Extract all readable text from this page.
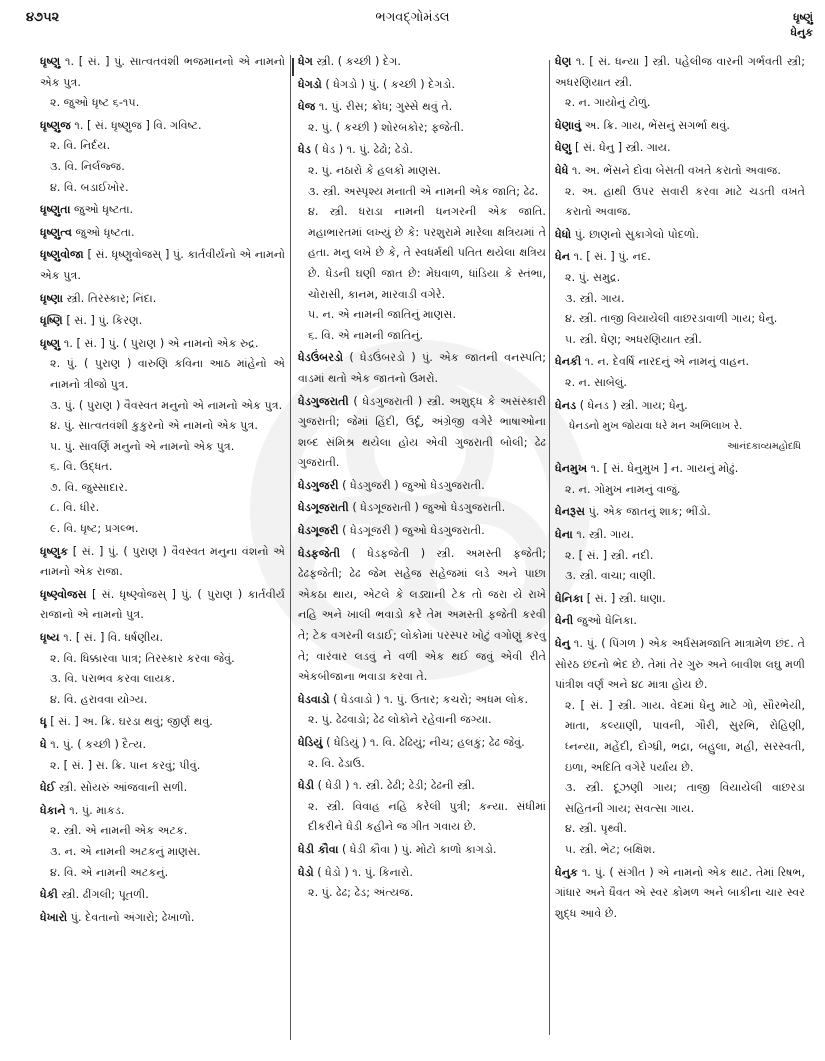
૪૭૫૨	ભગવદ્ગોમંડલ	ધૃષ્ણું
ધેનુક
ધૃષ્ણુ ૧. [ સં. ] પું. સાત્વતવંશી ભજમાનનો એ નામનો એક પુત્ર.
૨. જુઓ ધૃષ્ટ ૬-૧૫.
ધૃષ્ણુજ ૧. [ સં. ધૃષ્ણુજ ] વિ. ગવિષ્ટ.
૨. વિ. નિર્દય.
૩. વિ. નિર્લજ્જ.
૪. વિ. બડાઈખોર.
ધૃષ્ણુતા જુઓ ધૃષ્ટતા.
ધૃષ્ણુત્વ જુઓ ધૃષ્ટતા.
ધૃષ્ણુવોજા [ સં. ધૃષ્ણુવોજસ્ ] પું. કાર્તવીર્યનો એ નામનો એક પુત્ર.
ધૃષ્ણા સ્ત્રી. તિરસ્કાર; નિંદા.
ધૃષ્ણિ [ સં. ] પું. કિરણ.
ધૃષ્ણુ ૧. [ સં. ] પું. ( પુરાણ ) એ નામનો એક રુદ્ર.
૨. પું. ( પુરાણ ) વારુણિ કવિના આઠ માંહેનો એ નામનો ત્રીજો પુત્ર.
૩. પું. ( પુરાણ ) વૈવસ્વત મનુનો એ નામનો એક પુત્ર.
૪. પું. સાત્વતવંશી કુકુરનો એ નામનો એક પુત્ર.
૫. પું. સાવર્ણિ મનુનો એ નામનો એક પુત્ર.
૬. વિ. ઉદ્ધત.
૭. વિ. જુસ્સાદાર.
૮. વિ. ધીર.
૯. વિ. ધૃષ્ટ; પ્રગલ્ભ.
ધૃષ્ણુક [ સં. ] પું. ( પુરાણ ) વૈવસ્વત મનુના વંશનો એ નામનો એક રાજા.
ધૃષ્ણ્વોજસ [ સં. ધૃષ્ણ્વોજસ્ ] પું. ( પુરાણ ) કાર્તવીર્ય રાજાનો એ નામનો પુત્ર.
ધૃષ્ય ૧. [ સં. ] વિ. ધર્ષણીય.
૨. વિ. ધિક્કારવા પાત્ર; તિરસ્કાર કરવા જેવું.
૩. વિ. પરાભવ કરવા લાયક.
૪. વિ. હરાવવા યોગ્ય.
ધૄ [ સં. ] અ. ક્રિ. ઘરડા થવું; જીર્ણ થવું.
ધે ૧. પું. ( કચ્છી ) દૈત્ય.
૨. [ સં. ] સ. ક્રિ. પાન કરવું; પીવું.
ધેઈ સ્ત્રી. સોયરું આંજવાની સળી.
ધેકાને ૧. પું. માકડ.
૨. સ્ત્રી. એ નામની એક અટક.
૩. ન. એ નામની અટકનું માણસ.
૪. વિ. એ નામની અટકનું.
ધેકી સ્ત્રી. ઢીંગલી; પૂતળી.
ધેખારો પું. દેવતાનો અંગારો; ઢેખાળો.
ધેગ સ્ત્રી. ( કચ્છી ) દેગ.
ધેગડો ( ધેગડો ) પું. ( કચ્છી ) દેગડો.
ધેજ ૧. પું. રીસ; ક્રોધ; ગુસ્સે થવું તે.
૨. પું. ( કચ્છી ) શોરબકોર; ફજેતી.
ધેડ ( ધેડ ) ૧. પું. ઢેઢો; ઢેડો.
૨. પું. નઠારો કે હલકો માણસ.
૩. સ્ત્રી. અસ્પૃશ્ય મનાતી એ નામની એક જાતિ; ઢેઢ.
૪. સ્ત્રી. ધરાડા નામની ધનગરની એક જાતિ. મહાભારતમાં લખ્યું છે કે: પરશુરામે મારેલા ક્ષત્રિયમાં તે હતા. મનુ લખે છે કે, તે સ્વધર્મથી પતિત થયેલા ક્ષત્રિય છે. ધેડની ઘણી જાત છે: મેઘવાળ, ધાંડિયા કે સ્તંભા, ચોરાસી, કાનમ, મારવાડી વગેરે.
૫. ન. એ નામની જાતિનું માણસ.
૬. વિ. એ નામની જાતિનું.
ધેડઉંબરડો ( ધેડઉંબરડો ) પું. એક જાતની વનસ્પતિ; વાડમાં થતો એક જાતનો ઉમરો.
ધેડગુજરાતી ( ધેડગુજરાતી ) સ્ત્રી. અશુદ્ધ કે અસંસ્કારી ગુજરાતી; જેમાં હિંદી, ઉર્દૂ, અંગ્રેજી વગેરે ભાષાઓના શબ્દ સંમિશ્ર થયેલા હોય એવી ગુજરાતી બોલી; ઢેઢ ગુજરાતી.
ધેડગુજરી ( ધેડગુજરી ) જુઓ ધેડગુજરાતી.
ધેડગૂજરાતી ( ધેડગૂજરાતી ) જુઓ ધેડગુજરાતી.
ધેડગૂજરી ( ધેડગૂજરી ) જુઓ ધેડગુજરાતી.
ધેડફજેતી ( ધેડફજેતી ) સ્ત્રી. અમસ્તી ફજેતી; ઢેઢફજેતી; ઢેઢ જેમ સહેજ સહેજમાં લડે અને પાછા એકઠા થાય, એટલે કે લડ્યાની ટેક તો જરા યે રાખે નહિ અને ખાલી ભવાડો કરે તેમ અમસ્તી ફજેતી કરવી તે; ટેક વગરની લડાઈ; લોકોમાં પરસ્પર ખોટું વગોણું કરવું તે; વારંવાર લડવું ને વળી એક થઈ જવું એવી રીતે એકબીજાના ભવાડા કરવા તે.
ધેડવાડો ( ધેડવાડો ) ૧. પું. ઉતાર; કચરો; અધમ લોક.
૨. પું. ઢેઢવાડો; ઢેઢ લોકોને રહેવાની જગ્યા.
ધેડિયું ( ધેડિયું ) ૧. વિ. ઢેઢિયું; નીચ; હલકું; ઢેઢ જેવું.
૨. વિ. ઢેડાઉ.
ધેડી ( ધેડી ) ૧. સ્ત્રી. ઢેઢી; ઢેડી; ઢેઢની સ્ત્રી.
૨. સ્ત્રી. વિવાહ નહિ કરેલી પુત્રી; કન્યા. સંધીમાં દીકરીને ધેડી કહીને જ ગીત ગવાય છે.
ધેડી કૌવા ( ધેડી કૌવા ) પું. મોટો કાળો કાગડો.
ધેડો ( ધેડો ) ૧. પું. કિનારો.
૨. પું. ઢેઢ; ઢેડ; અંત્યજ.
ધેણ ૧. [ સં. ધન્યા ] સ્ત્રી. પહેલીજ વારની ગર્ભવતી સ્ત્રી; અધરણિયાત સ્ત્રી.
૨. ન. ગાયોનું ટોળું.
ધેણાવું અ. ક્રિ. ગાય, ભેંસનું સગર્ભા થવું.
ધેણુ [ સં. ધેનુ ] સ્ત્રી. ગાય.
ધેધે ૧. અ. ભેંસને દોવા બેસતી વખતે કરાતો અવાજ.
૨. અ. હાથી ઉપર સવારી કરવા માટે ચડતી વખતે કરાતો અવાજ.
ધેધો પું. છાણનો સુકાગેલો પોદળો.
ધેન ૧. [ સં. ] પું. નદ.
૨. પું. સમુદ્ર.
૩. સ્ત્રી. ગાય.
૪. સ્ત્રી. તાજી વિયાયેલી વાછરડાવાળી ગાય; ધેનુ.
૫. સ્ત્રી. ધેણ; અધરણિયાત સ્ત્રી.
ધેનકી ૧. ન. દેવર્ષિ નારદનું એ નામનું વાહન.
૨. ન. સાબેલું.
ધેનડ ( ધેનડ ) સ્ત્રી. ગાય; ધેનુ.
ધેનડનો મુખ જોયવા ધરે મન અભિલાખ રે.
આનંદકાવ્યમહોદધિ
ધેનમુખ ૧. [ સં. ધેનુમુખ ] ન. ગાયનું મોઢું.
૨. ન. ગોમુખ નામનું વાજું.
ધેનરૂસ પું. એક જાતનું શાક; ભીંડો.
ધેના ૧. સ્ત્રી. ગાય.
૨. [ સં. ] સ્ત્રી. નદી.
૩. સ્ત્રી. વાચા; વાણી.
ધેનિકા [ સં. ] સ્ત્રી. ધાણા.
ધેની જુઓ ધેનિકા.
ધેનુ ૧. પું. ( પિંગળ ) એક અર્ધસમજાતિ માત્રામેળ છંદ. તે સોરઠ છંદનો ભેદ છે. તેમાં તેર ગુરુ અને બાવીશ લઘુ મળી પાંત્રીશ વર્ણ અને ૪૮ માત્રા હોય છે.
૨. [ સં. ] સ્ત્રી. ગાય. વેદમાં ધેનુ માટે ગો, સૌરભેયી, માતા, કલ્યાણી, પાવની, ગૌરી, સુરભિ, રોહિણી, ધ્નન્યા, મહેંદી, દોગ્ધ્રી, ભદ્રા, બહુલા, મહી, સરસ્વતી, ઇળા, અદિતિ વગેરે પર્યાય છે.
૩. સ્ત્રી. દૂઝણી ગાય; તાજી વિયાયેલી વાછરડા સહિતની ગાય; સવત્સા ગાય.
૪. સ્ત્રી. પૃથ્વી.
૫. સ્ત્રી. ભેટ; બક્ષિશ.
ધેનુક ૧. પું. ( સંગીત ) એ નામનો એક થાટ. તેમાં રિષભ, ગાંધાર અને ધૈવત એ સ્વર કોમળ અને બાકીના ચાર સ્વર શુદ્ધ આવે છે.
